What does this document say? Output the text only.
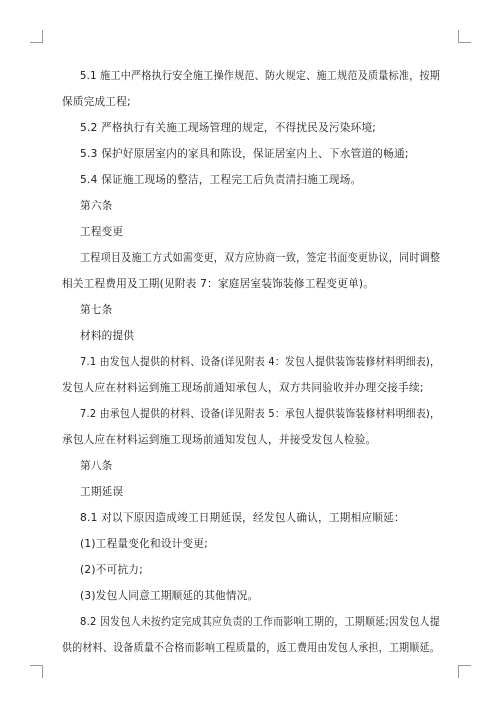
5.1 施工中严格执行安全施工操作规范、防火规定、施工规范及质量标准，按期
保质完成工程;
5.2 严格执行有关施工现场管理的规定，不得扰民及污染环境;
5.3 保护好原居室内的家具和陈设，保证居室内上、下水管道的畅通;
5.4 保证施工现场的整洁，工程完工后负责清扫施工现场。
第六条
工程变更
工程项目及施工方式如需变更，双方应协商一致，签定书面变更协议，同时调整
相关工程费用及工期(见附表 7：家庭居室装饰装修工程变更单)。
第七条
材料的提供
7.1 由发包人提供的材料、设备(详见附表 4：发包人提供装饰装修材料明细表)，
发包人应在材料运到施工现场前通知承包人，双方共同验收并办理交接手续;
7.2 由承包人提供的材料、设备(详见附表 5：承包人提供装饰装修材料明细表)，
承包人应在材料运到施工现场前通知发包人，并接受发包人检验。
第八条
工期延误
8.1 对以下原因造成竣工日期延误，经发包人确认，工期相应顺延：
(1)工程量变化和设计变更;
(2)不可抗力;
(3)发包人同意工期顺延的其他情况。
8.2 因发包人未按约定完成其应负责的工作而影响工期的，工期顺延;因发包人提
供的材料、设备质量不合格而影响工程质量的，返工费用由发包人承担，工期顺延。
